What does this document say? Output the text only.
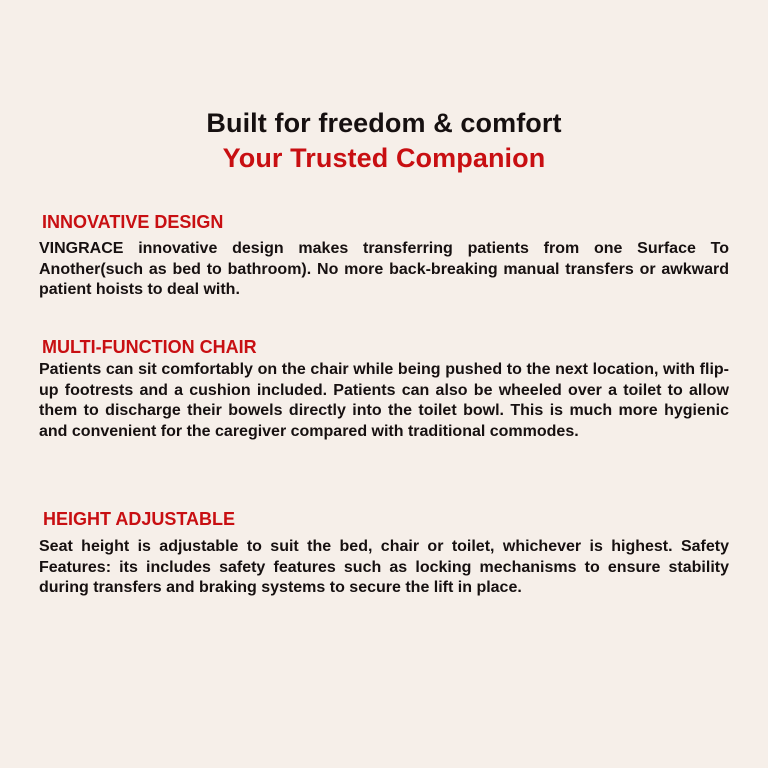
Built for freedom & comfort
Your Trusted Companion
INNOVATIVE DESIGN

VINGRACE innovative design makes transferring patients from one Surface To Another(such as bed to bathroom). No more back-breaking manual transfers or awkward patient hoists to deal with.

MULTI-FUNCTION CHAIR

Patients can sit comfortably on the chair while being pushed to the next location, with flip-up footrests and a cushion included. Patients can also be wheeled over a toilet to allow them to discharge their bowels directly into the toilet bowl. This is much more hygienic and convenient for the caregiver compared with traditional commodes.

HEIGHT ADJUSTABLE

Seat height is adjustable to suit the bed, chair or toilet, whichever is highest. Safety Features: its includes safety features such as locking mechanisms to ensure stability during transfers and braking systems to secure the lift in place.
